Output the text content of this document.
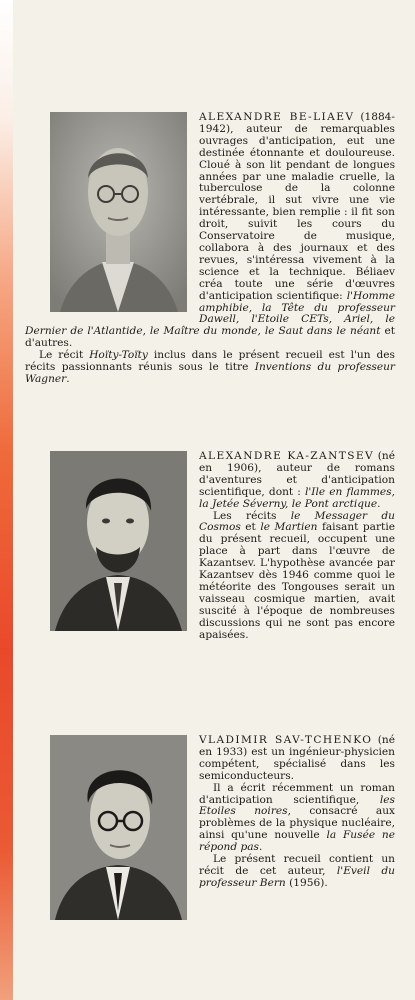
ALEXANDRE BE-LIAEV (1884-1942), auteur de remarquables ouvrages d'anticipation, eut une destinée étonnante et douloureuse. Cloué à son lit pendant de longues années par une maladie cruelle, la tuberculose de la colonne vertébrale, il sut vivre une vie intéressante, bien remplie : il fit son droit, suivit les cours du Conservatoire de musique, collabora à des journaux et des revues, s'intéressa vivement à la science et la technique. Béliaev créa toute une série d'œuvres d'anticipation scientifique: l'Homme amphibie, la Tête du professeur Dawell, l'Etoile CETs, Ariel, le Dernier de l'Atlantide, le Maître du monde, le Saut dans le néant et d'autres.

Le récit Hoïty-Toïty inclus dans le présent recueil est l'un des récits passionnants réunis sous le titre Inventions du professeur Wagner.

ALEXANDRE KA-ZANTSEV (né en 1906), auteur de romans d'aventures et d'anticipation scientifique, dont : l'Ile en flammes, la Jetée Séverny, le Pont arctique.

Les récits le Messager du Cosmos et le Martien faisant partie du présent recueil, occupent une place à part dans l'œuvre de Kazantsev. L'hypothèse avancée par Kazantsev dès 1946 comme quoi le météorite des Tongouses serait un vaisseau cosmique martien, avait suscité à l'époque de nombreuses discussions qui ne sont pas encore apaisées.

VLADIMIR SAV-TCHENKO (né en 1933) est un ingénieur-physicien compétent, spécialisé dans les semiconducteurs.

Il a écrit récemment un roman d'anticipation scientifique, les Etoiles noires, consacré aux problèmes de la physique nucléaire, ainsi qu'une nouvelle la Fusée ne répond pas.

Le présent recueil contient un récit de cet auteur, l'Eveil du professeur Bern (1956).
